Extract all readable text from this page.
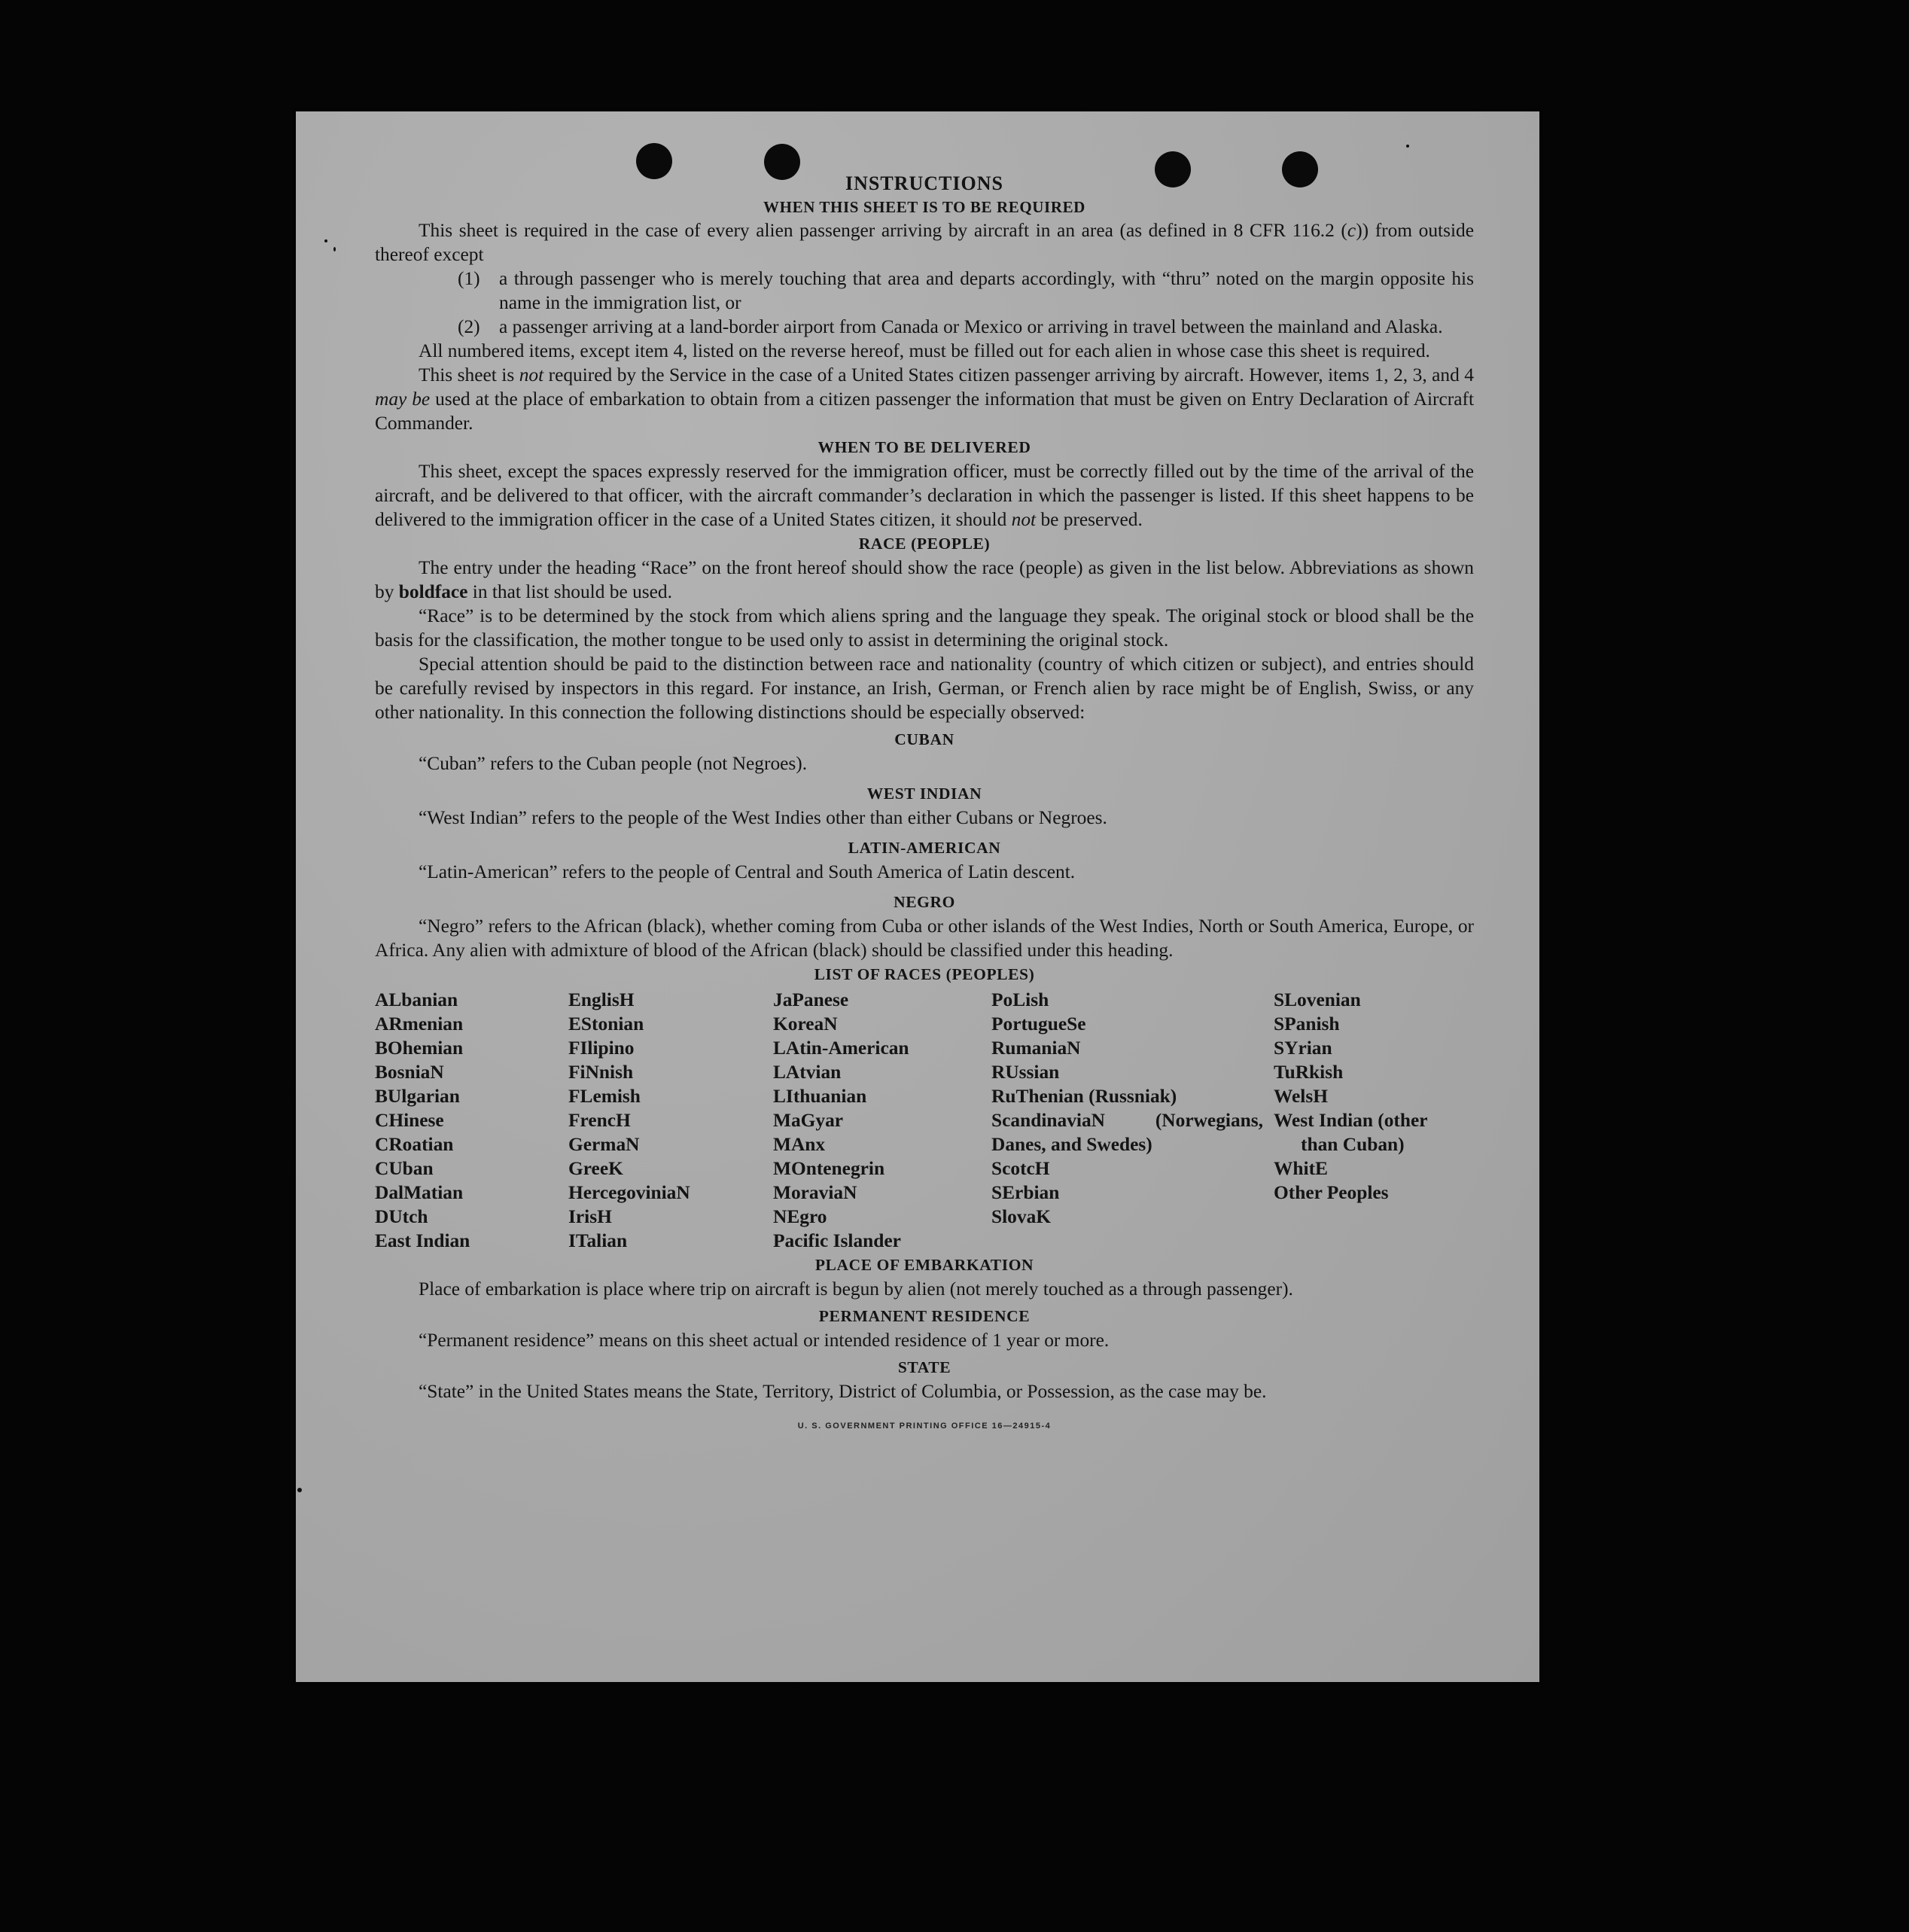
INSTRUCTIONS
WHEN THIS SHEET IS TO BE REQUIRED
This sheet is required in the case of every alien passenger arriving by aircraft in an area (as defined in 8 CFR 116.2 (c)) from outside thereof except
(1) a through passenger who is merely touching that area and departs accordingly, with “thru” noted on the margin opposite his name in the immigration list, or
(2) a passenger arriving at a land-border airport from Canada or Mexico or arriving in travel between the mainland and Alaska.
All numbered items, except item 4, listed on the reverse hereof, must be filled out for each alien in whose case this sheet is required.
This sheet is not required by the Service in the case of a United States citizen passenger arriving by aircraft. However, items 1, 2, 3, and 4 may be used at the place of embarkation to obtain from a citizen passenger the information that must be given on Entry Declaration of Aircraft Commander.
WHEN TO BE DELIVERED
This sheet, except the spaces expressly reserved for the immigration officer, must be correctly filled out by the time of the arrival of the aircraft, and be delivered to that officer, with the aircraft commander’s declaration in which the passenger is listed. If this sheet happens to be delivered to the immigration officer in the case of a United States citizen, it should not be preserved.
RACE (PEOPLE)
The entry under the heading “Race” on the front hereof should show the race (people) as given in the list below. Abbreviations as shown by boldface in that list should be used.
“Race” is to be determined by the stock from which aliens spring and the language they speak. The original stock or blood shall be the basis for the classification, the mother tongue to be used only to assist in determining the original stock.
Special attention should be paid to the distinction between race and nationality (country of which citizen or subject), and entries should be carefully revised by inspectors in this regard. For instance, an Irish, German, or French alien by race might be of English, Swiss, or any other nationality. In this connection the following distinctions should be especially observed:
CUBAN
“Cuban” refers to the Cuban people (not Negroes).
WEST INDIAN
“West Indian” refers to the people of the West Indies other than either Cubans or Negroes.
LATIN-AMERICAN
“Latin-American” refers to the people of Central and South America of Latin descent.
NEGRO
“Negro” refers to the African (black), whether coming from Cuba or other islands of the West Indies, North or South America, Europe, or Africa. Any alien with admixture of blood of the African (black) should be classified under this heading.
LIST OF RACES (PEOPLES)
ALbanian
ARmenian
BOhemian
BosniaN
BUlgarian
CHinese
CRoatian
CUban
DalMatian
DUtch
East Indian
EnglisH
EStonian
FIlipino
FiNnish
FLemish
FrencH
GermaN
GreeK
HercegoviniaN
IrisH
ITalian
JaPanese
KoreaN
LAtin-American
LAtvian
LIthuanian
MaGyar
MAnx
MOntenegrin
MoraviaN
NEgro
Pacific Islander
PoLish
PortugueSe
RumaniaN
RUssian
RuThenian (Russniak)
ScandinaviaN (Norwegians, Danes, and Swedes)
ScotcH
SErbian
SlovaK
SLovenian
SPanish
SYrian
TuRkish
WelsH
West Indian (other
than Cuban)
WhitE
Other Peoples
PLACE OF EMBARKATION
Place of embarkation is place where trip on aircraft is begun by alien (not merely touched as a through passenger).
PERMANENT RESIDENCE
“Permanent residence” means on this sheet actual or intended residence of 1 year or more.
STATE
“State” in the United States means the State, Territory, District of Columbia, or Possession, as the case may be.
U. S. GOVERNMENT PRINTING OFFICE 16—24915-4
